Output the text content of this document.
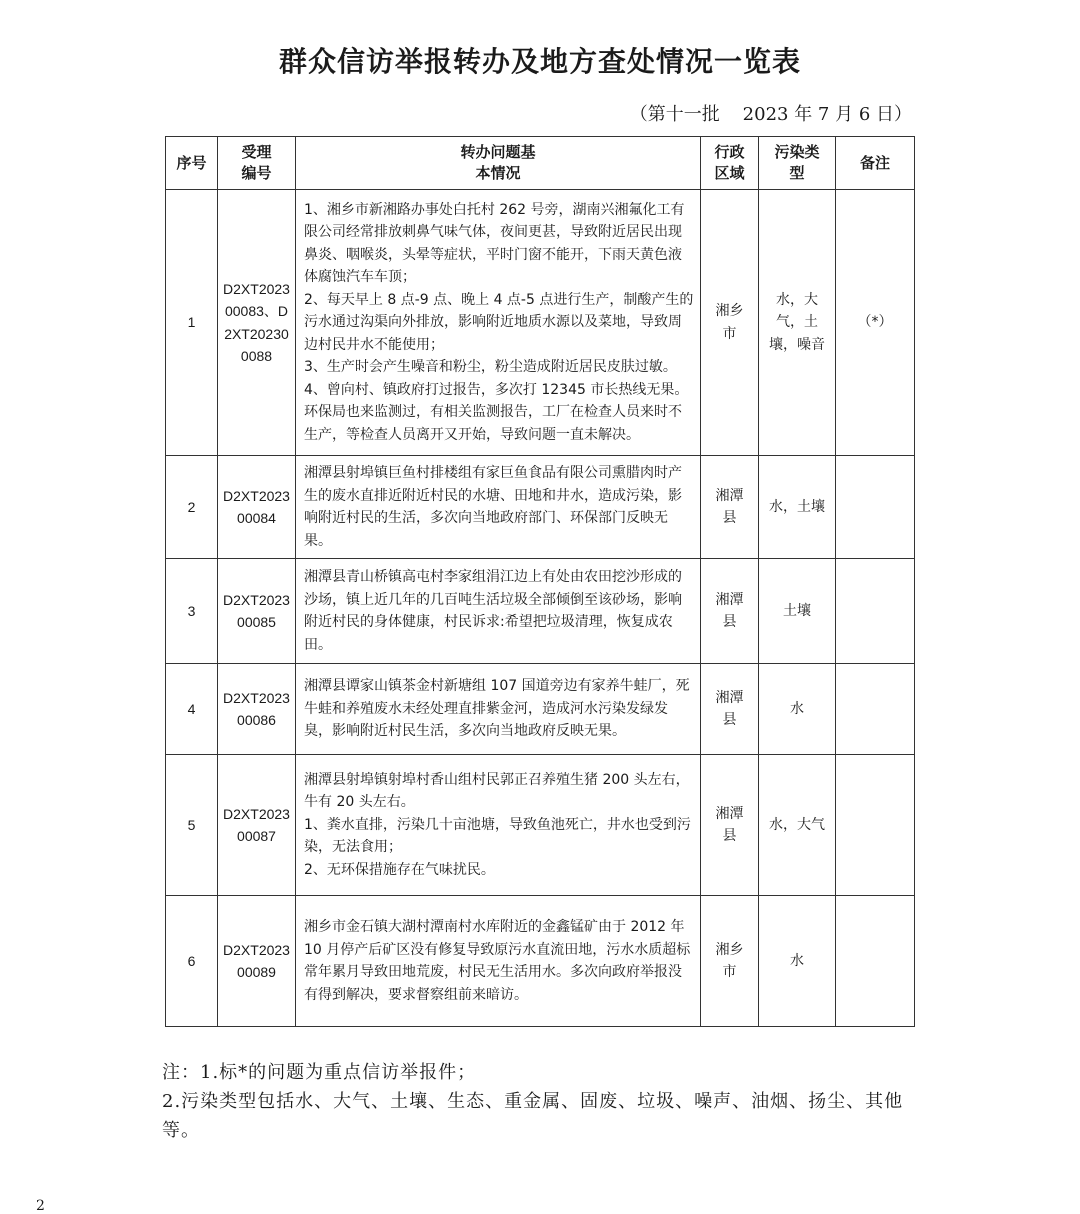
群众信访举报转办及地方查处情况一览表
（第十一批    2023 年 7 月 6 日）
序号	受理编号	转办问题基本情况	行政区域	污染类型	备注
1	D2XT202300083、D2XT202300088	1、湘乡市新湘路办事处白托村 262 号旁，湖南兴湘氟化工有限公司经常排放刺鼻气味气体，夜间更甚，导致附近居民出现鼻炎、咽喉炎，头晕等症状，平时门窗不能开，下雨天黄色液体腐蚀汽车车顶；
2、每天早上 8 点-9 点、晚上 4 点-5 点进行生产，制酸产生的污水通过沟渠向外排放，影响附近地质水源以及菜地，导致周边村民井水不能使用；
3、生产时会产生噪音和粉尘，粉尘造成附近居民皮肤过敏。
4、曾向村、镇政府打过报告，多次打 12345 市长热线无果。环保局也来监测过，有相关监测报告，工厂在检查人员来时不生产，等检查人员离开又开始，导致问题一直未解决。	湘乡市	水，大气，土壤，噪音	（*）
2	D2XT202300084	湘潭县射埠镇巨鱼村排楼组有家巨鱼食品有限公司熏腊肉时产生的废水直排近附近村民的水塘、田地和井水，造成污染，影响附近村民的生活，多次向当地政府部门、环保部门反映无果。	湘潭县	水，土壤	
3	D2XT202300085	湘潭县青山桥镇高屯村李家组涓江边上有处由农田挖沙形成的沙场，镇上近几年的几百吨生活垃圾全部倾倒至该砂场，影响附近村民的身体健康，村民诉求:希望把垃圾清理，恢复成农田。	湘潭县	土壤	
4	D2XT202300086	湘潭县谭家山镇茶金村新塘组 107 国道旁边有家养牛蛙厂，死牛蛙和养殖废水未经处理直排紫金河，造成河水污染发绿发臭，影响附近村民生活，多次向当地政府反映无果。	湘潭县	水	
5	D2XT202300087	湘潭县射埠镇射埠村香山组村民郭正召养殖生猪 200 头左右，牛有 20 头左右。
1、粪水直排，污染几十亩池塘，导致鱼池死亡，井水也受到污染，无法食用；
2、无环保措施存在气味扰民。	湘潭县	水，大气	
6	D2XT202300089	湘乡市金石镇大湖村潭南村水库附近的金鑫锰矿由于 2012 年 10 月停产后矿区没有修复导致原污水直流田地，污水水质超标常年累月导致田地荒废，村民无生活用水。多次向政府举报没有得到解决，要求督察组前来暗访。	湘乡市	水	
注：1.标*的问题为重点信访举报件；
2.污染类型包括水、大气、土壤、生态、重金属、固废、垃圾、噪声、油烟、扬尘、其他等。
2
